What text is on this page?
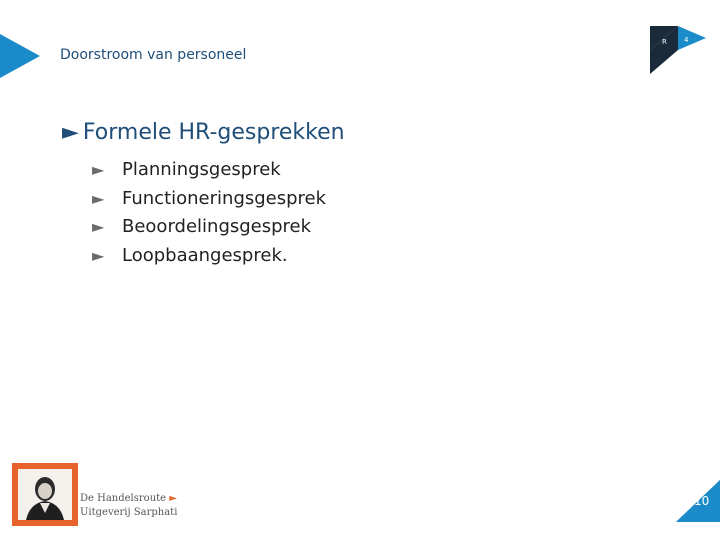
Doorstroom van personeel
R 4
► Formele HR-gesprekken
► Planningsgesprek
► Functioneringsgesprek
► Beoordelingsgesprek
► Loopbaangesprek.
De Handelsroute ►
Uitgeverij Sarphati
10
